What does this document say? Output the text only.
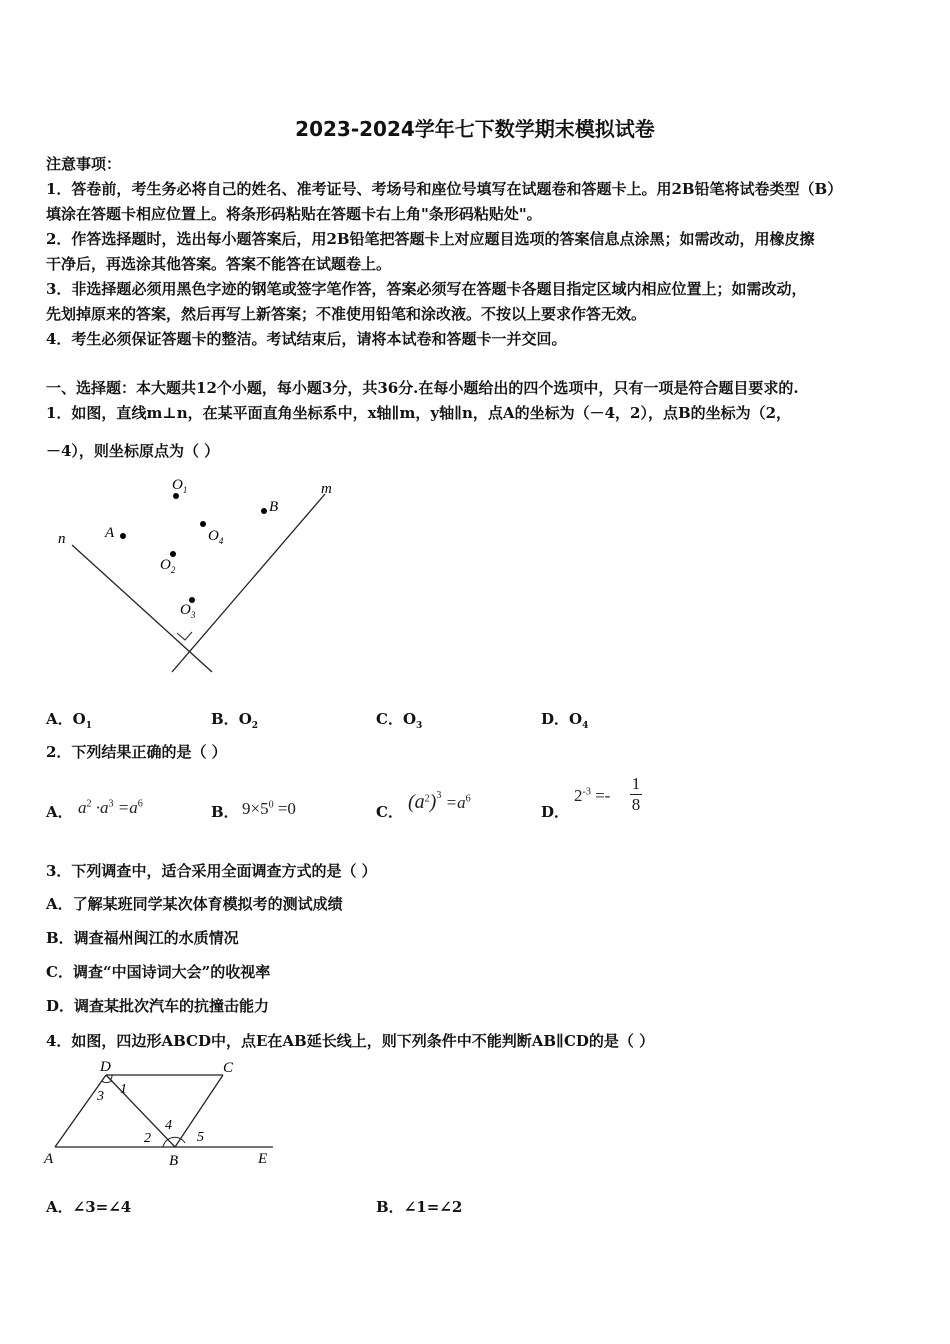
2023-2024学年七下数学期末模拟试卷
注意事项：
1．答卷前，考生务必将自己的姓名、准考证号、考场号和座位号填写在试题卷和答题卡上。用2B铅笔将试卷类型（B）
填涂在答题卡相应位置上。将条形码粘贴在答题卡右上角"条形码粘贴处"。
2．作答选择题时，选出每小题答案后，用2B铅笔把答题卡上对应题目选项的答案信息点涂黑；如需改动，用橡皮擦
干净后，再选涂其他答案。答案不能答在试题卷上。
3．非选择题必须用黑色字迹的钢笔或签字笔作答，答案必须写在答题卡各题目指定区域内相应位置上；如需改动，
先划掉原来的答案，然后再写上新答案；不准使用铅笔和涂改液。不按以上要求作答无效。
4．考生必须保证答题卡的整洁。考试结束后，请将本试卷和答题卡一并交回。
一、选择题：本大题共12个小题，每小题3分，共36分.在每小题给出的四个选项中，只有一项是符合题目要求的.
1．如图，直线m⊥n，在某平面直角坐标系中，x轴∥m，y轴∥n，点A的坐标为（－4，2），点B的坐标为（2，
－4），则坐标原点为（ ）
n
m
A
B
$O_1$
$O_2$
$O_3$
$O_4$
A．$O_1$	B．$O_2$	C．$O_3$	D．$O_4$
2．下列结果正确的是（ ）
A． $a^2 \cdot a^3 =a^6$	B． $9\times 5^0 =0$	C． $(a^2)^3 =a^6$
D．
$2^{-3}$ =-
1
8
3．下列调查中，适合采用全面调查方式的是（ ）
A．了解某班同学某次体育模拟考的测试成绩
B．调查福州闽江的水质情况
C．调查“中国诗词大会”的收视率
D．调查某批次汽车的抗撞击能力
4．如图，四边形ABCD中，点E在AB延长线上，则下列条件中不能判断AB∥CD的是（ ）
D	C
A	B	E
1
2
3
4
5
A．∠3=∠4	B．∠1=∠2
